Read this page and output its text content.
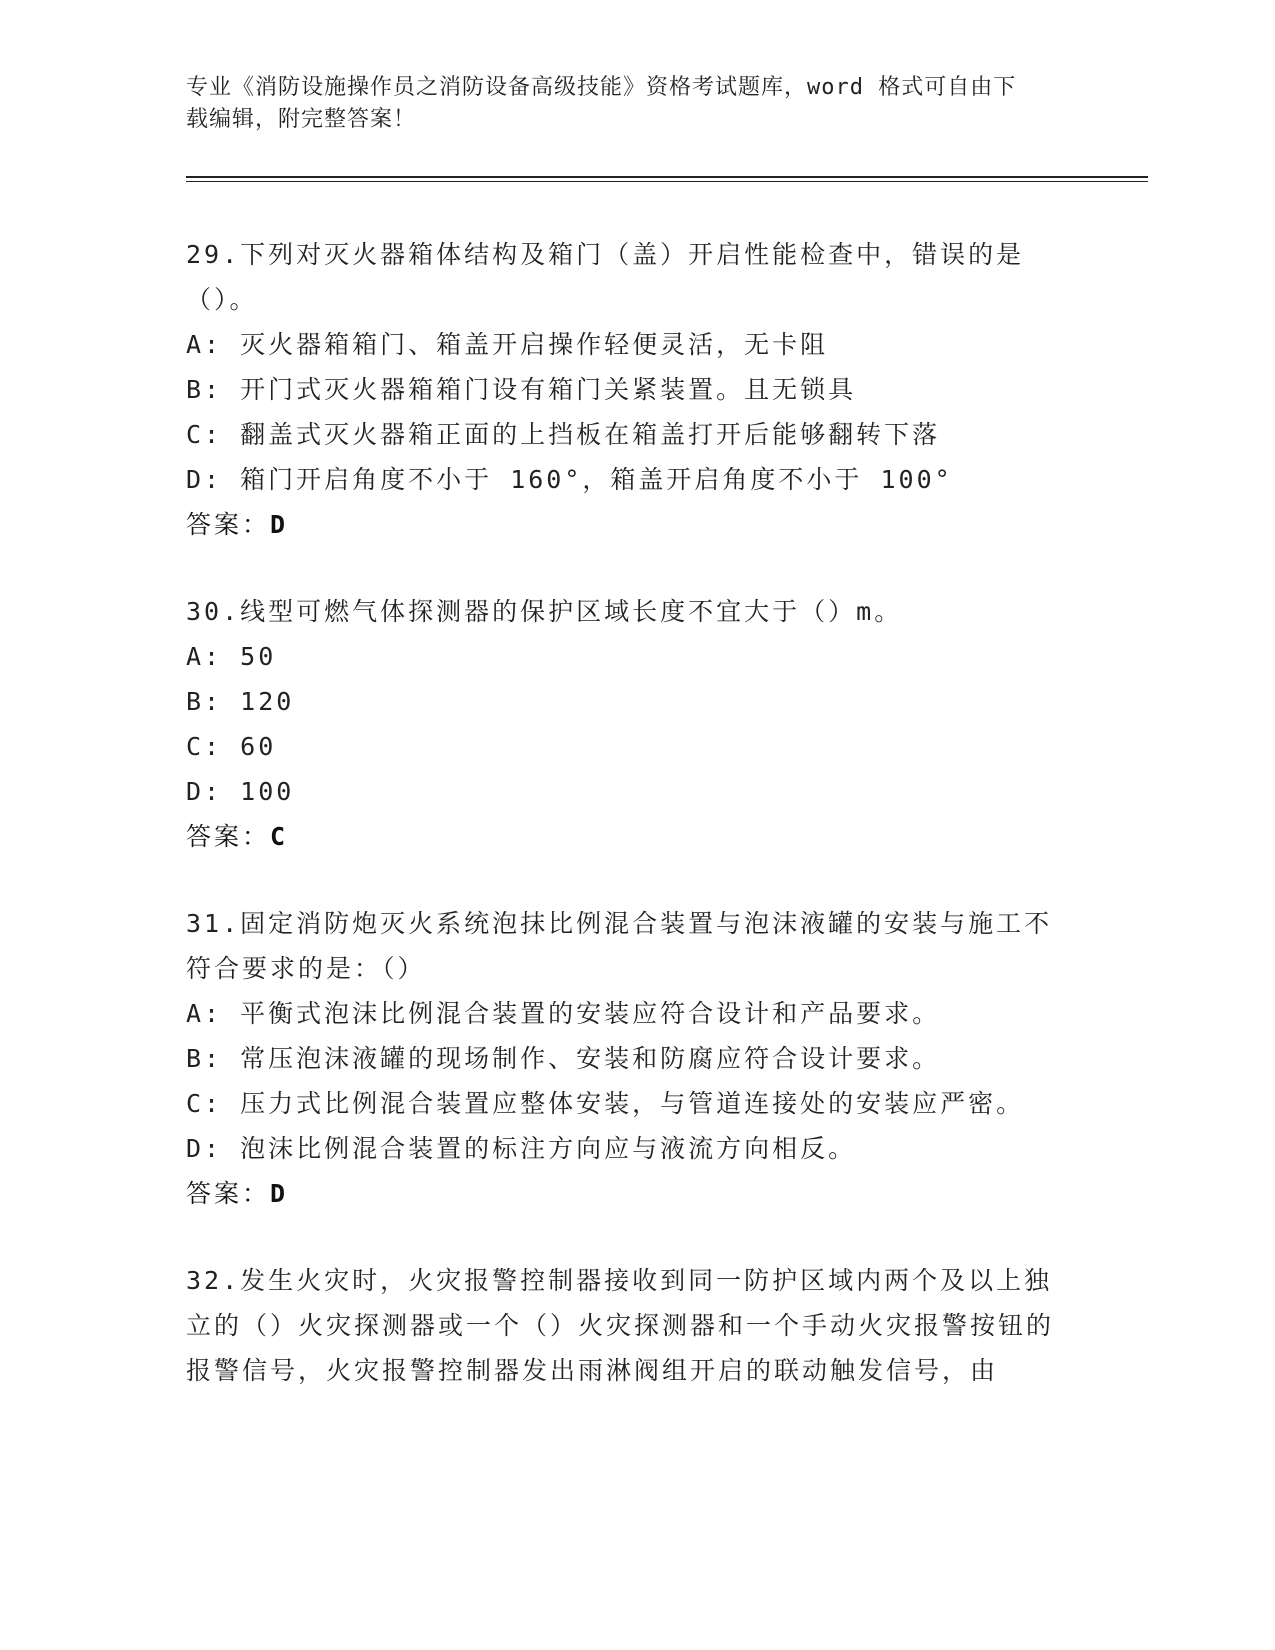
专业《消防设施操作员之消防设备高级技能》资格考试题库，word 格式可自由下
载编辑，附完整答案！

29.下列对灭火器箱体结构及箱门（盖）开启性能检查中，错误的是（）。

A: 灭火器箱箱门、箱盖开启操作轻便灵活，无卡阻

B: 开门式灭火器箱箱门设有箱门关紧装置。且无锁具

C: 翻盖式灭火器箱正面的上挡板在箱盖打开后能够翻转下落

D: 箱门开启角度不小于 160°，箱盖开启角度不小于 100°

答案：D

30.线型可燃气体探测器的保护区域长度不宜大于（）m。

A: 50

B: 120

C: 60

D: 100

答案：C

31.固定消防炮灭火系统泡抹比例混合装置与泡沫液罐的安装与施工不符合要求的是：（）

A: 平衡式泡沫比例混合装置的安装应符合设计和产品要求。

B: 常压泡沫液罐的现场制作、安装和防腐应符合设计要求。

C: 压力式比例混合装置应整体安装，与管道连接处的安装应严密。

D: 泡沫比例混合装置的标注方向应与液流方向相反。

答案：D

32.发生火灾时，火灾报警控制器接收到同一防护区域内两个及以上独立的（）火灾探测器或一个（）火灾探测器和一个手动火灾报警按钮的报警信号，火灾报警控制器发出雨淋阀组开启的联动触发信号，由
